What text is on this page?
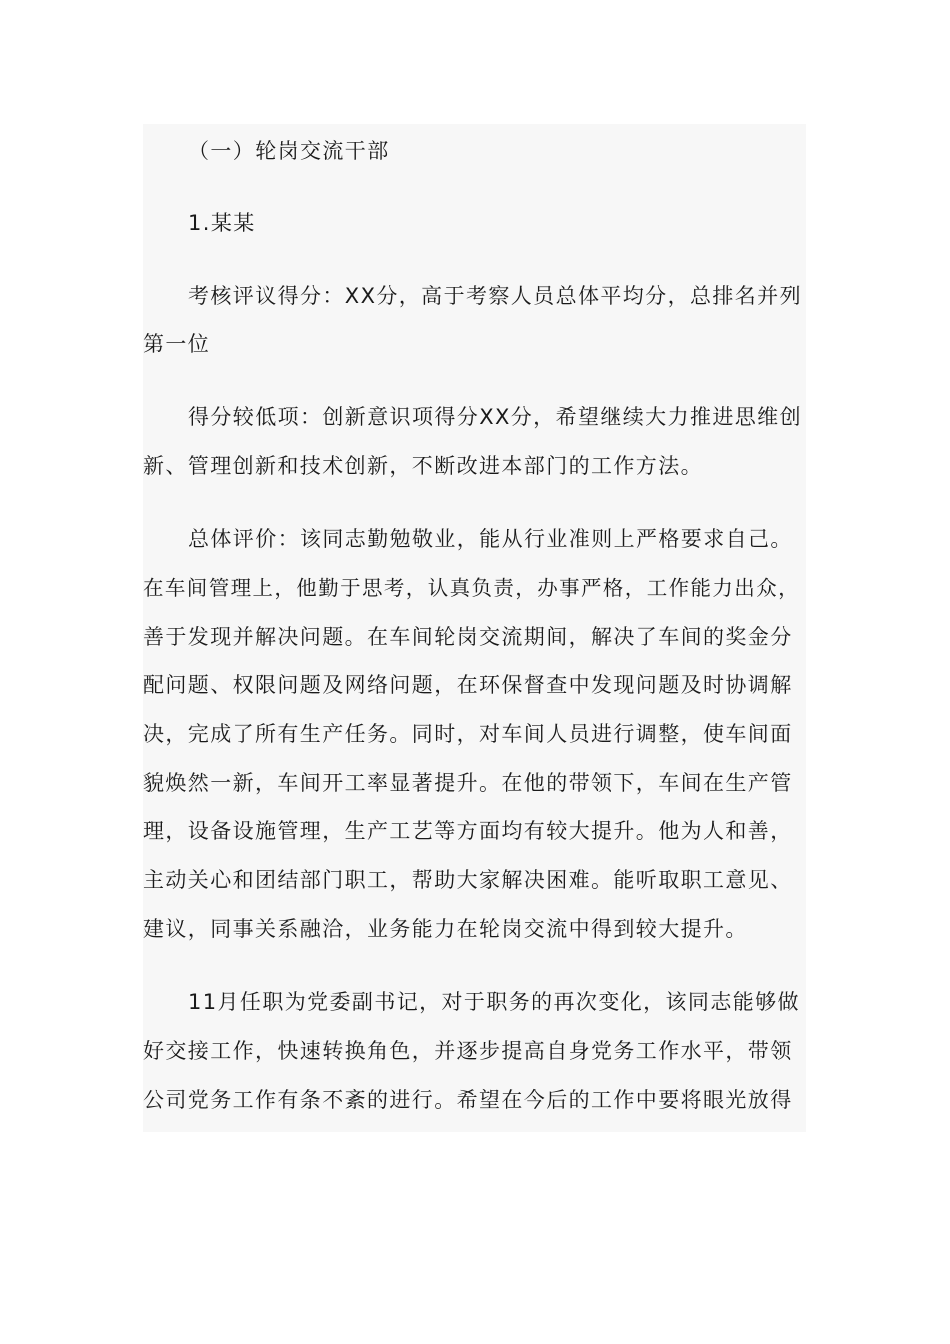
（一）轮岗交流干部
1.某某
考核评议得分：XX分，高于考察人员总体平均分，总排名并列
第一位
得分较低项：创新意识项得分XX分，希望继续大力推进思维创
新、管理创新和技术创新，不断改进本部门的工作方法。
总体评价：该同志勤勉敬业，能从行业准则上严格要求自己。
在车间管理上，他勤于思考，认真负责，办事严格，工作能力出众，
善于发现并解决问题。在车间轮岗交流期间，解决了车间的奖金分
配问题、权限问题及网络问题，在环保督查中发现问题及时协调解
决，完成了所有生产任务。同时，对车间人员进行调整，使车间面
貌焕然一新，车间开工率显著提升。在他的带领下，车间在生产管
理，设备设施管理，生产工艺等方面均有较大提升。他为人和善，
主动关心和团结部门职工，帮助大家解决困难。能听取职工意见、
建议，同事关系融洽，业务能力在轮岗交流中得到较大提升。
11月任职为党委副书记，对于职务的再次变化，该同志能够做
好交接工作，快速转换角色，并逐步提高自身党务工作水平，带领
公司党务工作有条不紊的进行。希望在今后的工作中要将眼光放得
